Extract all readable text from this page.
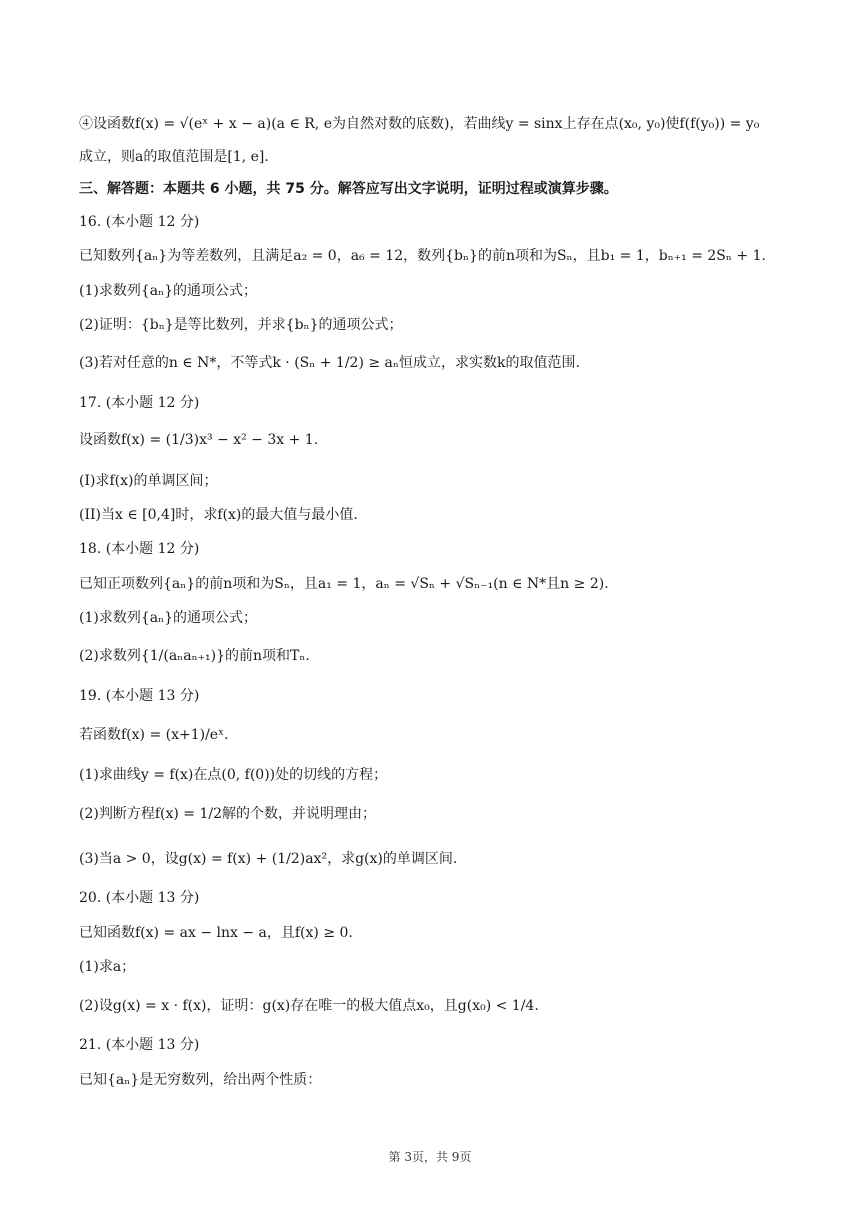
④设函数f(x) = √(eˣ + x − a)(a ∈ R, e为自然对数的底数)，若曲线y = sinx上存在点(x₀, y₀)使f(f(y₀)) = y₀
成立，则a的取值范围是[1, e].
三、解答题：本题共 6 小题，共 75 分。解答应写出文字说明，证明过程或演算步骤。
16. (本小题 12 分)
已知数列{aₙ}为等差数列，且满足a₂ = 0，a₆ = 12，数列{bₙ}的前n项和为Sₙ，且b₁ = 1，bₙ₊₁ = 2Sₙ + 1.
(1)求数列{aₙ}的通项公式；
(2)证明：{bₙ}是等比数列，并求{bₙ}的通项公式；
(3)若对任意的n ∈ N*，不等式k · (Sₙ + 1/2) ≥ aₙ恒成立，求实数k的取值范围.
17. (本小题 12 分)
设函数f(x) = (1/3)x³ − x² − 3x + 1.
(I)求f(x)的单调区间；
(II)当x ∈ [0,4]时，求f(x)的最大值与最小值.
18. (本小题 12 分)
已知正项数列{aₙ}的前n项和为Sₙ，且a₁ = 1，aₙ = √Sₙ + √Sₙ₋₁(n ∈ N*且n ≥ 2).
(1)求数列{aₙ}的通项公式；
(2)求数列{1/(aₙaₙ₊₁)}的前n项和Tₙ.
19. (本小题 13 分)
若函数f(x) = (x+1)/eˣ.
(1)求曲线y = f(x)在点(0, f(0))处的切线的方程；
(2)判断方程f(x) = 1/2解的个数，并说明理由；
(3)当a > 0，设g(x) = f(x) + (1/2)ax²，求g(x)的单调区间.
20. (本小题 13 分)
已知函数f(x) = ax − lnx − a，且f(x) ≥ 0.
(1)求a；
(2)设g(x) = x · f(x)，证明：g(x)存在唯一的极大值点x₀，且g(x₀) < 1/4.
21. (本小题 13 分)
已知{aₙ}是无穷数列，给出两个性质：
第 3页，共 9页
